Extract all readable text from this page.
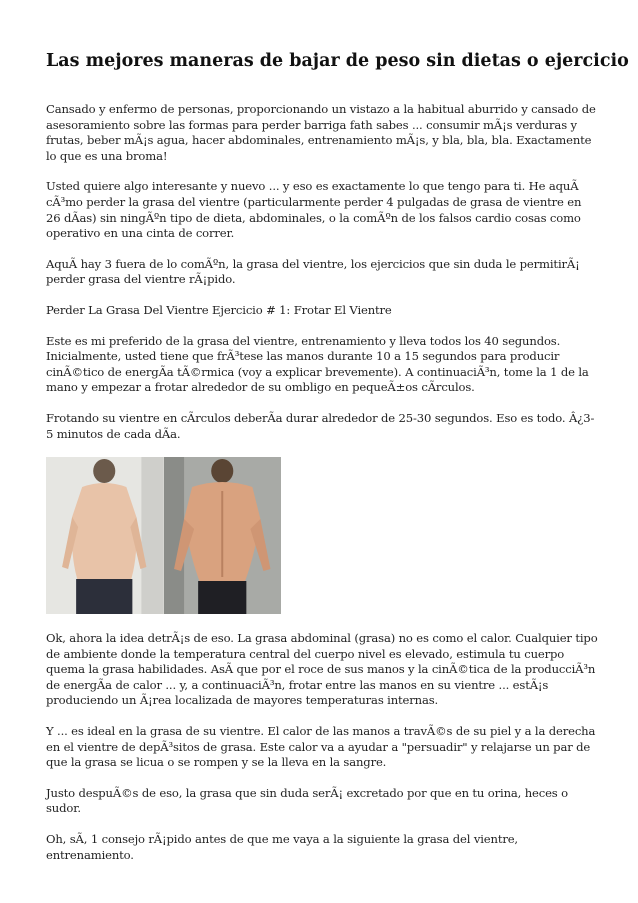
Las mejores maneras de bajar de peso sin dietas o ejercicio

Cansado y enfermo de personas, proporcionando un vistazo a la habitual aburrido y cansado de asesoramiento sobre las formas para perder barriga fath sabes ... consumir mÃ¡s verduras y frutas, beber mÃ¡s agua, hacer abdominales, entrenamiento mÃ¡s, y bla, bla, bla. Exactamente lo que es una broma!

Usted quiere algo interesante y nuevo ... y eso es exactamente lo que tengo para ti. He aquÃ cÃ³mo perder la grasa del vientre (particularmente perder 4 pulgadas de grasa de vientre en 26 dÃas) sin ningÃºn tipo de dieta, abdominales, o la comÃºn de los falsos cardio cosas como operativo en una cinta de correr.

AquÃ hay 3 fuera de lo comÃºn, la grasa del vientre, los ejercicios que sin duda le permitirÃ¡ perder grasa del vientre rÃ¡pido.

Perder La Grasa Del Vientre Ejercicio # 1: Frotar El Vientre

Este es mi preferido de la grasa del vientre, entrenamiento y lleva todos los 40 segundos. Inicialmente, usted tiene que frÃ³tese las manos durante 10 a 15 segundos para producir cinÃ©tico de energÃa tÃ©rmica (voy a explicar brevemente). A continuaciÃ³n, tome la 1 de la mano y empezar a frotar alrededor de su ombligo en pequeÃ±os cÃrculos.

Frotando su vientre en cÃrculos deberÃa durar alrededor de 25-30 segundos. Eso es todo. Â¿3-5 minutos de cada dÃa.

Ok, ahora la idea detrÃ¡s de eso. La grasa abdominal (grasa) no es como el calor. Cualquier tipo de ambiente donde la temperatura central del cuerpo nivel es elevado, estimula tu cuerpo quema la grasa habilidades. AsÃ que por el roce de sus manos y la cinÃ©tica de la producciÃ³n de energÃa de calor ... y, a continuaciÃ³n, frotar entre las manos en su vientre ... estÃ¡s produciendo un Ã¡rea localizada de mayores temperaturas internas.

Y ... es ideal en la grasa de su vientre. El calor de las manos a travÃ©s de su piel y a la derecha en el vientre de depÃ³sitos de grasa. Este calor va a ayudar a "persuadir" y relajarse un par de que la grasa se licua o se rompen y se la lleva en la sangre.

Justo despuÃ©s de eso, la grasa que sin duda serÃ¡ excretado por que en tu orina, heces o sudor.

Oh, sÃ, 1 consejo rÃ¡pido antes de que me vaya a la siguiente la grasa del vientre, entrenamiento.
